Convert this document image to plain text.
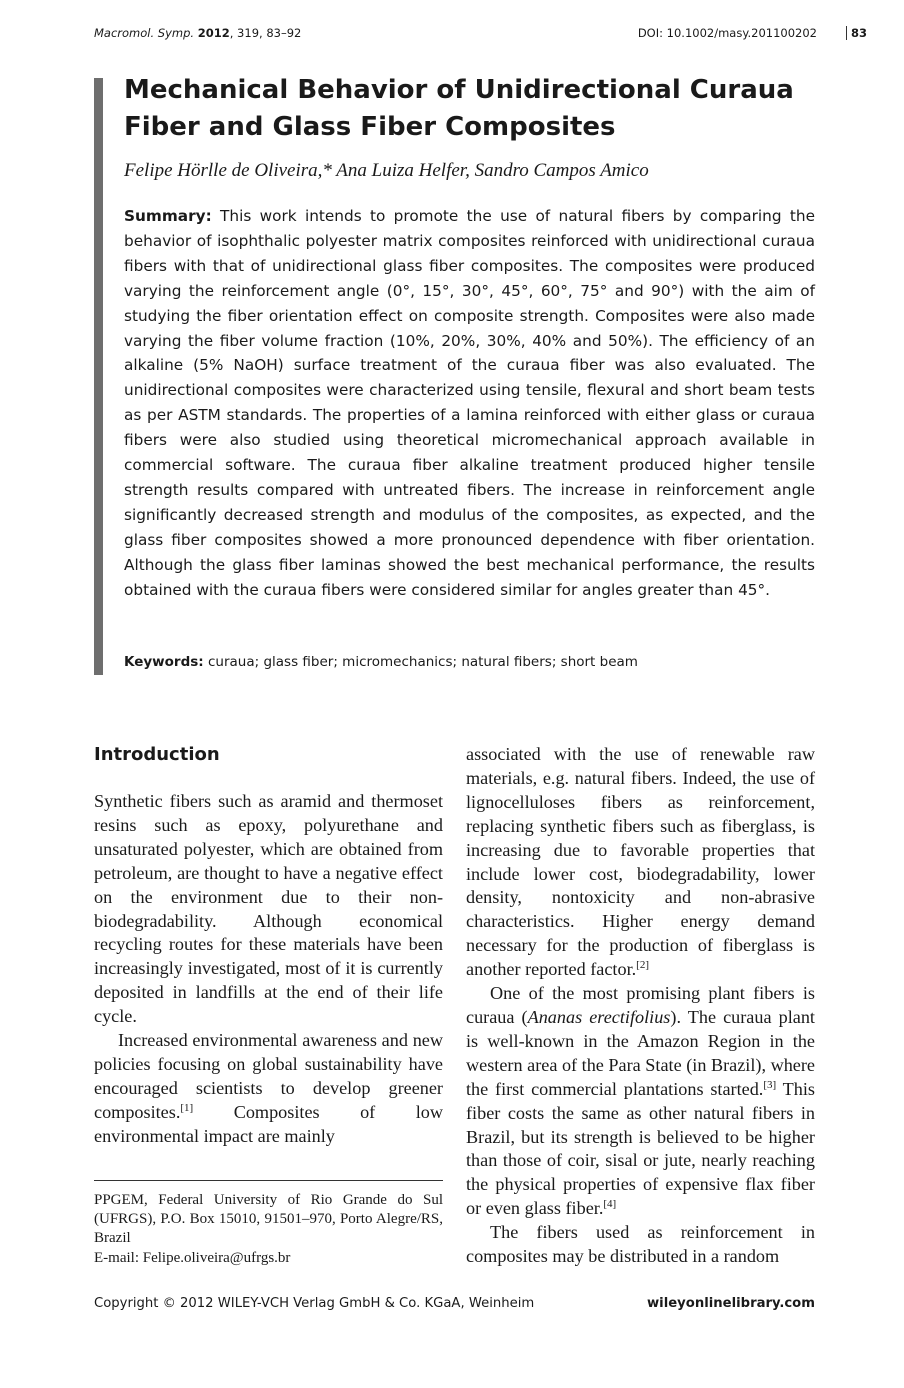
Macromol. Symp. 2012, 319, 83–92	DOI: 10.1002/masy.201100202	83
Mechanical Behavior of Unidirectional Curaua Fiber and Glass Fiber Composites
Felipe Hörlle de Oliveira,* Ana Luiza Helfer, Sandro Campos Amico

Summary: This work intends to promote the use of natural fibers by comparing the behavior of isophthalic polyester matrix composites reinforced with unidirectional curaua fibers with that of unidirectional glass fiber composites. The composites were produced varying the reinforcement angle (0°, 15°, 30°, 45°, 60°, 75° and 90°) with the aim of studying the fiber orientation effect on composite strength. Composites were also made varying the fiber volume fraction (10%, 20%, 30%, 40% and 50%). The efficiency of an alkaline (5% NaOH) surface treatment of the curaua fiber was also evaluated. The unidirectional composites were characterized using tensile, flexural and short beam tests as per ASTM standards. The properties of a lamina reinforced with either glass or curaua fibers were also studied using theoretical micromechanical approach available in commercial software. The curaua fiber alkaline treatment produced higher tensile strength results compared with untreated fibers. The increase in reinforcement angle significantly decreased strength and modulus of the composites, as expected, and the glass fiber composites showed a more pronounced dependence with fiber orientation. Although the glass fiber laminas showed the best mechanical performance, the results obtained with the curaua fibers were considered similar for angles greater than 45°.

Keywords: curaua; glass fiber; micromechanics; natural fibers; short beam
Introduction

Synthetic fibers such as aramid and thermoset resins such as epoxy, polyurethane and unsaturated polyester, which are obtained from petroleum, are thought to have a negative effect on the environment due to their non-biodegradability. Although economical recycling routes for these materials have been increasingly investigated, most of it is currently deposited in landfills at the end of their life cycle.

Increased environmental awareness and new policies focusing on global sustainability have encouraged scientists to develop greener composites.[1] Composites of low environmental impact are mainly

PPGEM, Federal University of Rio Grande do Sul (UFRGS), P.O. Box 15010, 91501–970, Porto Alegre/RS, Brazil

E-mail: Felipe.oliveira@ufrgs.br

associated with the use of renewable raw materials, e.g. natural fibers. Indeed, the use of lignocelluloses fibers as reinforcement, replacing synthetic fibers such as fiberglass, is increasing due to favorable properties that include lower cost, biodegradability, lower density, nontoxicity and non-abrasive characteristics. Higher energy demand necessary for the production of fiberglass is another reported factor.[2]

One of the most promising plant fibers is curaua (Ananas erectifolius). The curaua plant is well-known in the Amazon Region in the western area of the Para State (in Brazil), where the first commercial plantations started.[3] This fiber costs the same as other natural fibers in Brazil, but its strength is believed to be higher than those of coir, sisal or jute, nearly reaching the physical properties of expensive flax fiber or even glass fiber.[4]

The fibers used as reinforcement in composites may be distributed in a random

Copyright © 2012 WILEY-VCH Verlag GmbH & Co. KGaA, Weinheim	wileyonlinelibrary.com
